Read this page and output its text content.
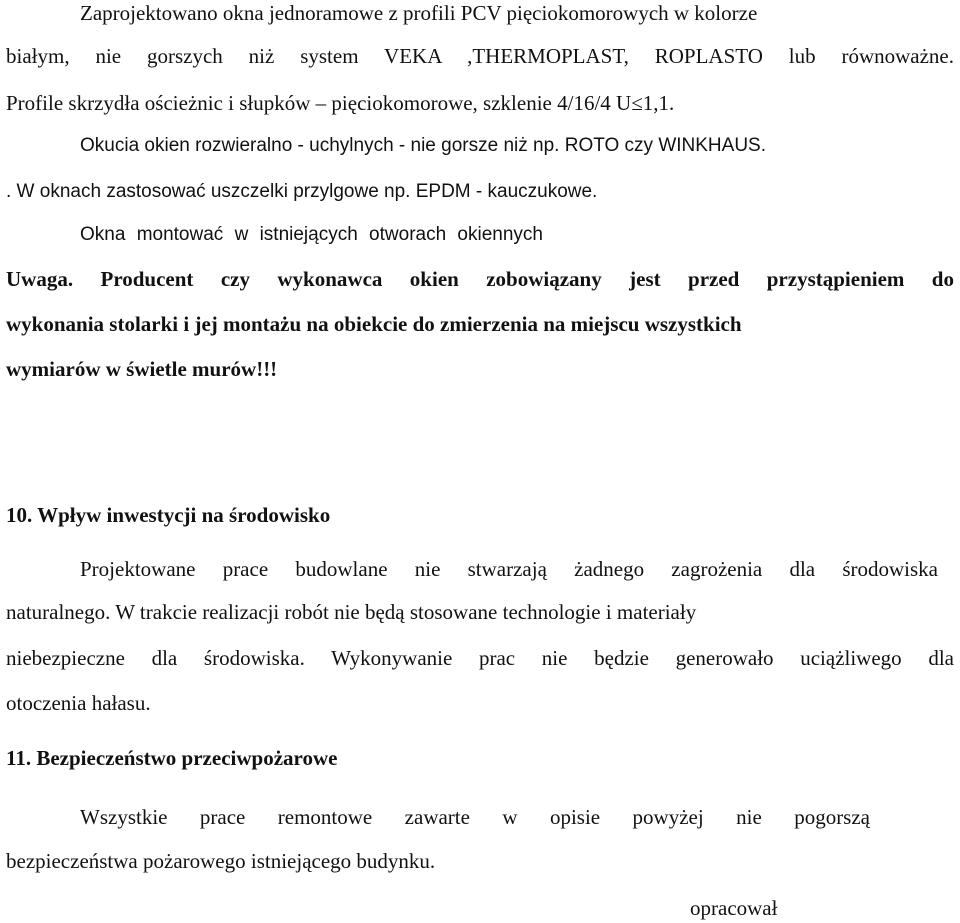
Zaprojektowano okna jednoramowe z profili PCV pięciokomorowych w kolorze
białym, nie gorszych niż system VEKA ,THERMOPLAST, ROPLASTO lub równoważne.
Profile skrzydła ościeżnic i słupków – pięciokomorowe, szklenie 4/16/4 U≤1,1.
Okucia okien rozwieralno - uchylnych - nie gorsze niż np. ROTO czy WINKHAUS.
. W oknach zastosować uszczelki przylgowe np. EPDM - kauczukowe.
Okna montować w istniejących otworach okiennych
Uwaga. Producent czy wykonawca okien zobowiązany jest przed przystąpieniem do
wykonania stolarki i jej montażu na obiekcie do zmierzenia na miejscu wszystkich
wymiarów w świetle murów!!!
10. Wpływ inwestycji na środowisko
Projektowane prace budowlane nie stwarzają żadnego zagrożenia dla środowiska
naturalnego. W trakcie realizacji robót nie będą stosowane technologie i materiały
niebezpieczne dla środowiska. Wykonywanie prac nie będzie generowało uciążliwego dla
otoczenia hałasu.
11. Bezpieczeństwo przeciwpożarowe
Wszystkie prace remontowe zawarte w opisie powyżej nie pogorszą
bezpieczeństwa pożarowego istniejącego budynku.
opracował
